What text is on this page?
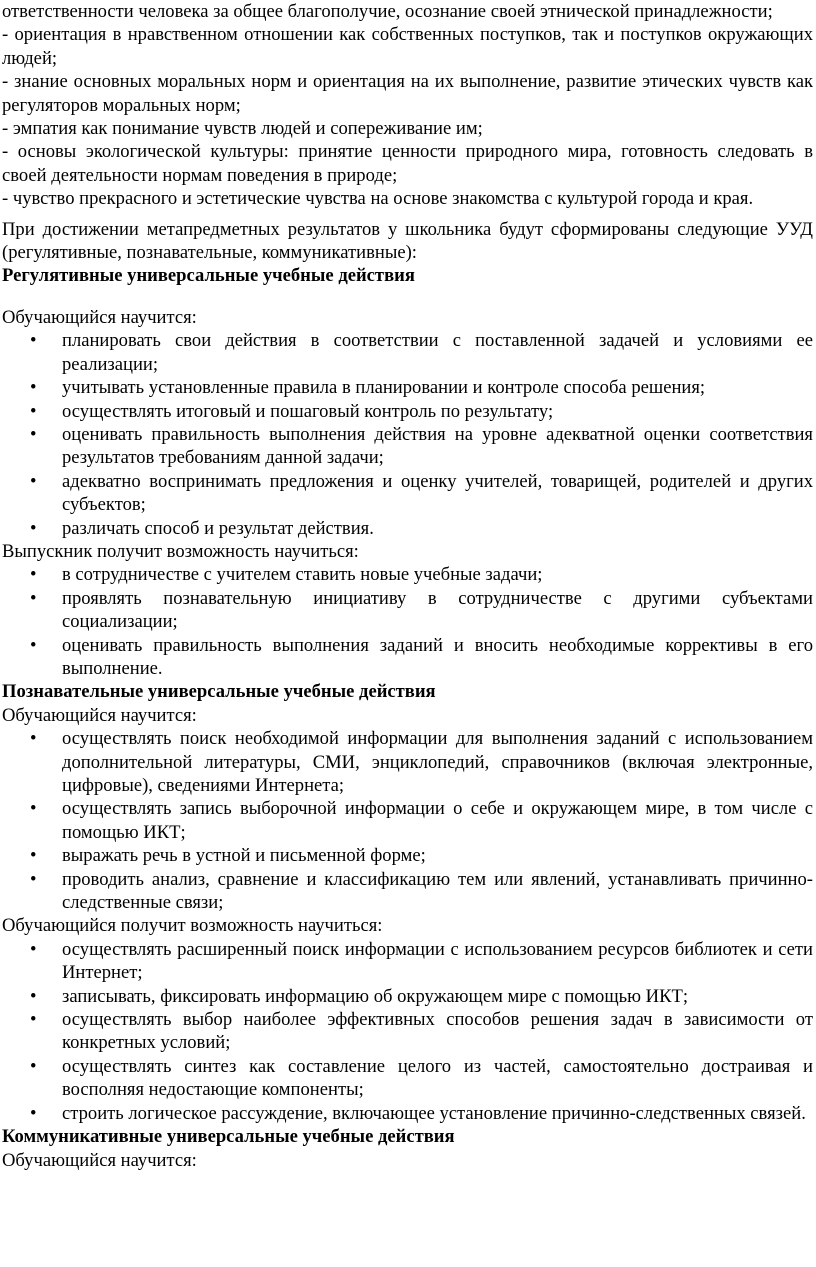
ответственности человека за общее благополучие, осознание своей этнической принадлежности;

- ориентация в нравственном отношении как собственных поступков, так и поступков окружающих людей;

- знание основных моральных норм и ориентация на их выполнение, развитие этических чувств как регуляторов моральных норм;

- эмпатия как понимание чувств людей и сопереживание им;

- основы экологической культуры: принятие ценности природного мира, готовность следовать в своей деятельности нормам поведения в природе;

- чувство прекрасного и эстетические чувства на основе знакомства с культурой города и края.

При достижении метапредметных результатов у школьника будут сформированы следующие УУД (регулятивные, познавательные, коммуникативные):

Регулятивные универсальные учебные действия

Обучающийся научится:

• планировать свои действия в соответствии с поставленной задачей и условиями ее реализации;
• учитывать установленные правила в планировании и контроле способа решения;
• осуществлять итоговый и пошаговый контроль по результату;
• оценивать правильность выполнения действия на уровне адекватной оценки соответствия результатов требованиям данной задачи;
• адекватно воспринимать предложения и оценку учителей, товарищей, родителей и других субъектов;
• различать способ и результат действия.

Выпускник получит возможность научиться:

• в сотрудничестве с учителем ставить новые учебные задачи;
• проявлять познавательную инициативу в сотрудничестве с другими субъектами социализации;
• оценивать правильность выполнения заданий и вносить необходимые коррективы в его выполнение.

Познавательные универсальные учебные действия

Обучающийся научится:

• осуществлять поиск необходимой информации для выполнения заданий с использованием дополнительной литературы, СМИ, энциклопедий, справочников (включая электронные, цифровые), сведениями Интернета;
• осуществлять запись выборочной информации о себе и окружающем мире, в том числе с помощью ИКТ;
• выражать речь в устной и письменной форме;
• проводить анализ, сравнение и классификацию тем или явлений, устанавливать причинно-следственные связи;

Обучающийся получит возможность научиться:

• осуществлять расширенный поиск информации с использованием ресурсов библиотек и сети Интернет;
• записывать, фиксировать информацию об окружающем мире с помощью ИКТ;
• осуществлять выбор наиболее эффективных способов решения задач в зависимости от конкретных условий;
• осуществлять синтез как составление целого из частей, самостоятельно достраивая и восполняя недостающие компоненты;
• строить логическое рассуждение, включающее установление причинно-следственных связей.

Коммуникативные универсальные учебные действия

Обучающийся научится:
